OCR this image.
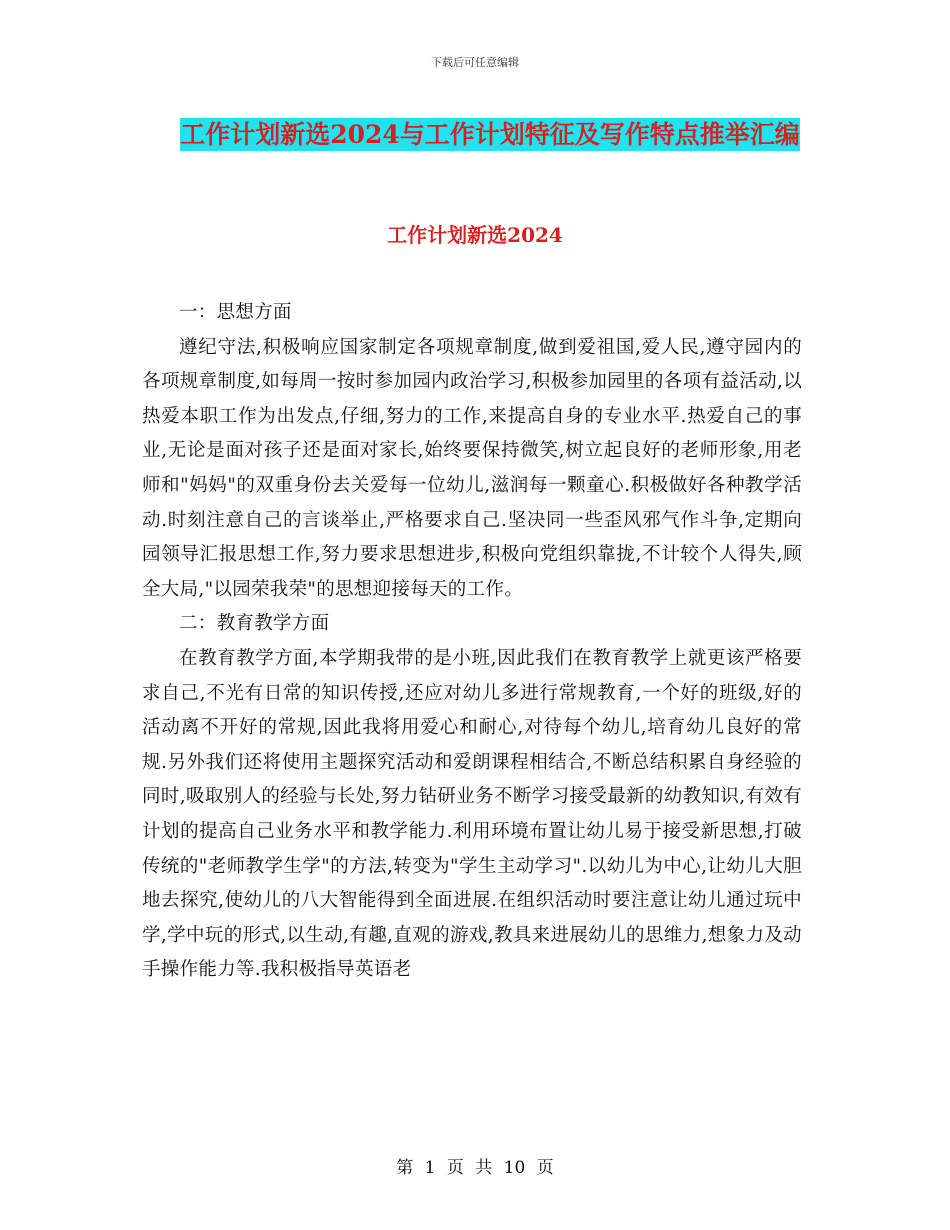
下载后可任意编辑
工作计划新选2024与工作计划特征及写作特点推举汇编
工作计划新选2024

一：思想方面

遵纪守法,积极响应国家制定各项规章制度,做到爱祖国,爱人民,遵守园内的各项规章制度,如每周一按时参加园内政治学习,积极参加园里的各项有益活动,以热爱本职工作为出发点,仔细,努力的工作,来提高自身的专业水平.热爱自己的事业,无论是面对孩子还是面对家长,始终要保持微笑,树立起良好的老师形象,用老师和"妈妈"的双重身份去关爱每一位幼儿,滋润每一颗童心.积极做好各种教学活动.时刻注意自己的言谈举止,严格要求自己.坚决同一些歪风邪气作斗争,定期向园领导汇报思想工作,努力要求思想进步,积极向党组织靠拢,不计较个人得失,顾全大局,"以园荣我荣"的思想迎接每天的工作。

二：教育教学方面

在教育教学方面,本学期我带的是小班,因此我们在教育教学上就更该严格要求自己,不光有日常的知识传授,还应对幼儿多进行常规教育,一个好的班级,好的活动离不开好的常规,因此我将用爱心和耐心,对待每个幼儿,培育幼儿良好的常规.另外我们还将使用主题探究活动和爱朗课程相结合,不断总结积累自身经验的同时,吸取别人的经验与长处,努力钻研业务不断学习接受最新的幼教知识,有效有计划的提高自己业务水平和教学能力.利用环境布置让幼儿易于接受新思想,打破传统的"老师教学生学"的方法,转变为"学生主动学习".以幼儿为中心,让幼儿大胆地去探究,使幼儿的八大智能得到全面进展.在组织活动时要注意让幼儿通过玩中学,学中玩的形式,以生动,有趣,直观的游戏,教具来进展幼儿的思维力,想象力及动手操作能力等.我积极指导英语老

第 1 页 共 10 页
